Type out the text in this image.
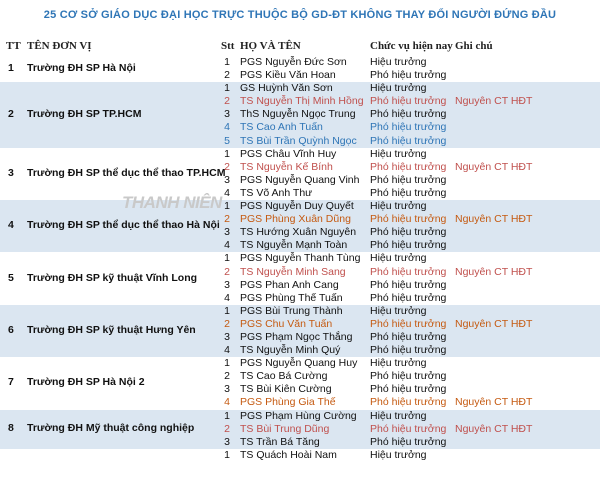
25 CƠ SỞ GIÁO DỤC ĐẠI HỌC TRỰC THUỘC BỘ GD-ĐT KHÔNG THAY ĐỔI NGƯỜI ĐỨNG ĐẦU
TT TÊN ĐƠN VỊ	Stt HỌ VÀ TÊN	Chức vụ hiện nay Ghi chú
1 Trường ĐH SP Hà Nội
1 PGS Nguyễn Đức Sơn Hiệu trưởng
2 PGS Kiều Văn Hoan	Phó hiệu trưởng
2 Trường ĐH SP TP.HCM
1 GS Huỳnh Văn Sơn	Hiệu trưởng
2 TS Nguyễn Thị Minh Hồng Phó hiệu trưởng Nguyên CT HĐT
3 ThS Nguyễn Ngọc Trung Phó hiệu trưởng
4 TS Cao Anh Tuấn	Phó hiệu trưởng
5 TS Bùi Trần Quỳnh Ngọc Phó hiệu trưởng
3 Trường ĐH SP thể dục thể thao TP.HCM
1 PGS Châu Vĩnh Huy	Hiệu trưởng
2 TS Nguyễn Kế Bính	Phó hiệu trưởng Nguyên CT HĐT
3 PGS Nguyễn Quang Vinh Phó hiệu trưởng
4 TS Võ Anh Thư	Phó hiệu trưởng
4 Trường ĐH SP thể dục thể thao Hà Nội
1 PGS Nguyễn Duy Quyết Hiệu trưởng
2 PGS Phùng Xuân Dũng Phó hiệu trưởng Nguyên CT HĐT
3 TS Hướng Xuân Nguyên Phó hiệu trưởng
4 TS Nguyễn Mạnh Toàn Phó hiệu trưởng
5 Trường ĐH SP kỹ thuật Vĩnh Long
1 PGS Nguyễn Thanh Tùng Hiệu trưởng
2 TS Nguyễn Minh Sang Phó hiệu trưởng Nguyên CT HĐT
3 PGS Phan Anh Cang	Phó hiệu trưởng
4 PGS Phùng Thế Tuấn	Phó hiệu trưởng
6 Trường ĐH SP kỹ thuật Hưng Yên
1 PGS Bùi Trung Thành	Hiệu trưởng
2 PGS Chu Văn Tuấn	Phó hiệu trưởng Nguyên CT HĐT
3 PGS Phạm Ngọc Thắng Phó hiệu trưởng
4 TS Nguyễn Minh Quý	Phó hiệu trưởng
7 Trường ĐH SP Hà Nội 2
1 PGS Nguyễn Quang Huy Hiệu trưởng
2 TS Cao Bá Cường	Phó hiệu trưởng
3 TS Bùi Kiên Cường	Phó hiệu trưởng
4 PGS Phùng Gia Thế	Phó hiệu trưởng Nguyên CT HĐT
8 Trường ĐH Mỹ thuật công nghiệp
1 PGS Phạm Hùng Cường Hiệu trưởng
2 TS Bùi Trung Dũng	Phó hiệu trưởng Nguyên CT HĐT
3 TS Trần Bá Tăng	Phó hiệu trưởng
1 TS Quách Hoài Nam	Hiệu trưởng
THANH NIÊN
